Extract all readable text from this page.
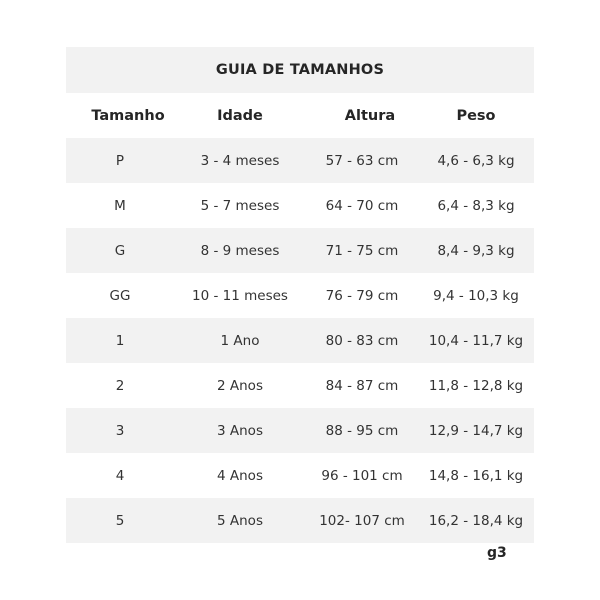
GUIA DE TAMANHOS
Tamanho	Idade	Altura	Peso
P	3 - 4 meses	57 - 63 cm	4,6 - 6,3 kg
M	5 - 7 meses	64 - 70 cm	6,4 - 8,3 kg
G	8 - 9 meses	71 - 75 cm	8,4 - 9,3 kg
GG	10 - 11 meses	76 - 79 cm	9,4 - 10,3 kg
1	1 Ano	80 - 83 cm	10,4 - 11,7 kg
2	2 Anos	84 - 87 cm	11,8 - 12,8 kg
3	3 Anos	88 - 95 cm	12,9 - 14,7 kg
4	4 Anos	96 - 101 cm	14,8 - 16,1 kg
5	5 Anos	102- 107 cm	16,2 - 18,4 kg
g3
